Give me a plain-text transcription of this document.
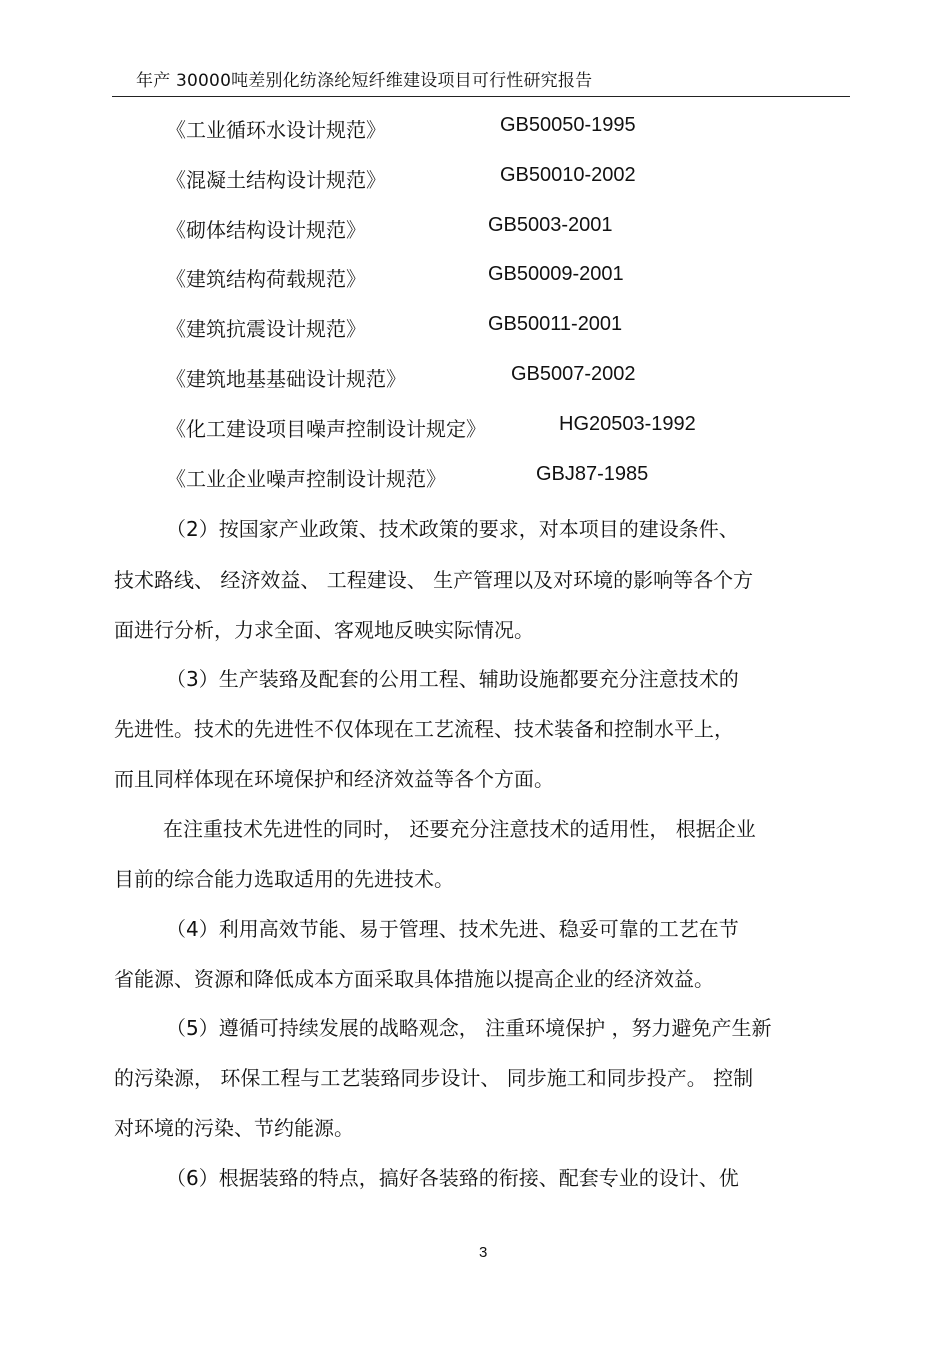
年产 30000吨差别化纺涤纶短纤维建设项目可行性研究报告
《工业循环水设计规范》	GB50050-1995
《混凝土结构设计规范》	GB50010-2002
《砌体结构设计规范》	GB5003-2001
《建筑结构荷载规范》	GB50009-2001
《建筑抗震设计规范》	GB50011-2001
《建筑地基基础设计规范》	GB5007-2002
《化工建设项目噪声控制设计规定》	HG20503-1992
《工业企业噪声控制设计规范》	GBJ87-1985
（2）按国家产业政策、技术政策的要求，对本项目的建设条件、
技术路线、 经济效益、 工程建设、 生产管理以及对环境的影响等各个方
面进行分析，力求全面、客观地反映实际情况。
（3）生产装臵及配套的公用工程、辅助设施都要充分注意技术的
先进性。技术的先进性不仅体现在工艺流程、技术装备和控制水平上，
而且同样体现在环境保护和经济效益等各个方面。
在注重技术先进性的同时， 还要充分注意技术的适用性， 根据企业
目前的综合能力选取适用的先进技术。
（4）利用高效节能、易于管理、技术先进、稳妥可靠的工艺在节
省能源、资源和降低成本方面采取具体措施以提高企业的经济效益。
（5）遵循可持续发展的战略观念， 注重环境保护 ，努力避免产生新
的污染源， 环保工程与工艺装臵同步设计、 同步施工和同步投产。 控制
对环境的污染、节约能源。
（6）根据装臵的特点，搞好各装臵的衔接、配套专业的设计、优
3
